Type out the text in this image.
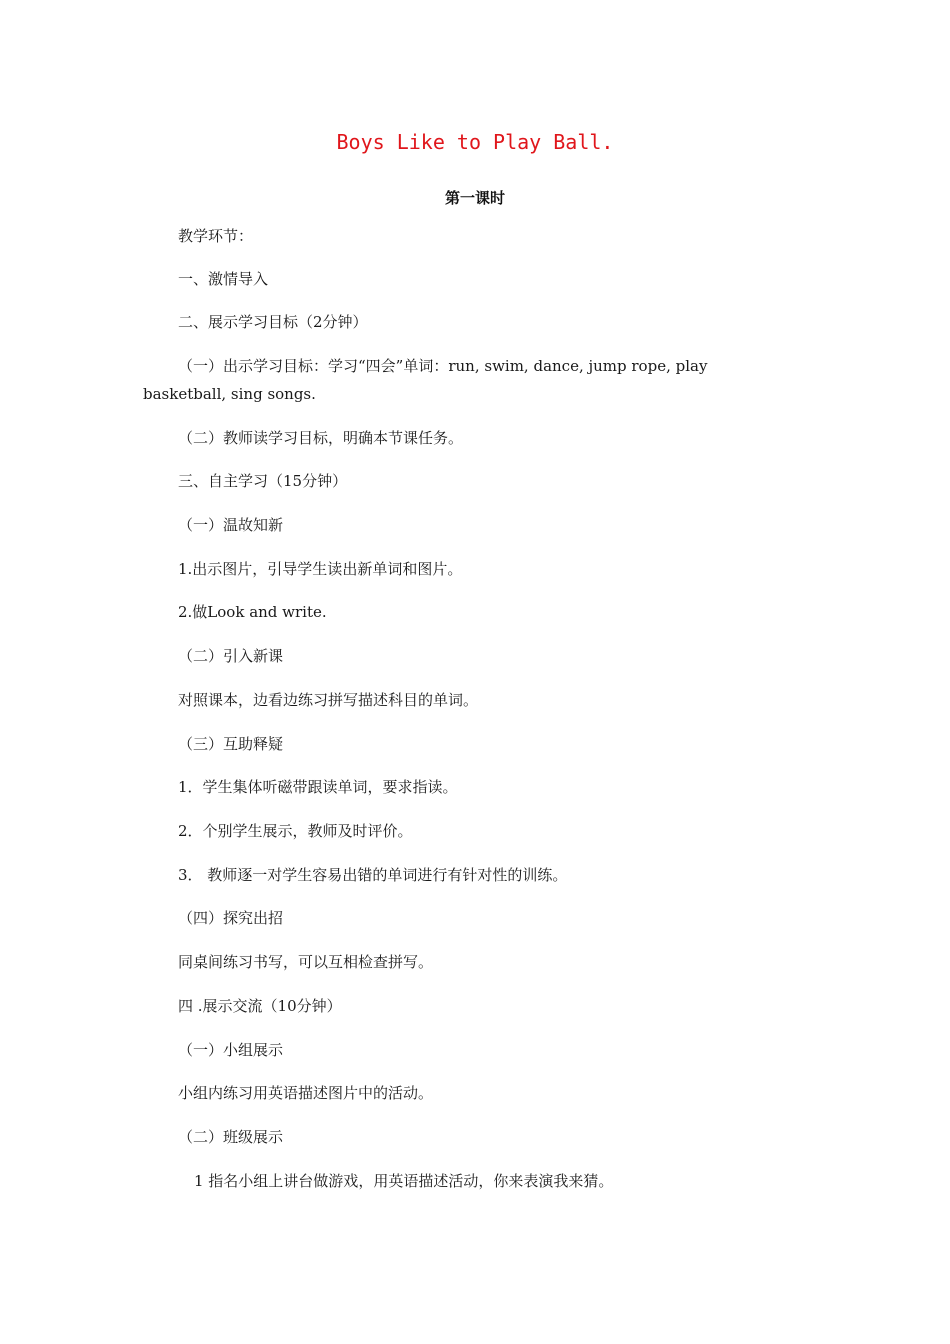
Boys Like to Play Ball.
第一课时
教学环节：
一、激情导入
二、展示学习目标（2分钟）
（一）出示学习目标：学习“四会”单词：run, swim, dance, jump rope, play
basketball, sing songs.
（二）教师读学习目标，明确本节课任务。
三、自主学习（15分钟）
（一）温故知新
1.出示图片，引导学生读出新单词和图片。
2.做Look and write.
（二）引入新课
对照课本，边看边练习拼写描述科目的单词。
（三）互助释疑
1．学生集体听磁带跟读单词，要求指读。
2．个别学生展示，教师及时评价。
3． 教师逐一对学生容易出错的单词进行有针对性的训练。
（四）探究出招
同桌间练习书写，可以互相检查拼写。
四 .展示交流（10分钟）
（一）小组展示
小组内练习用英语描述图片中的活动。
（二）班级展示
1 指名小组上讲台做游戏，用英语描述活动，你来表演我来猜。
